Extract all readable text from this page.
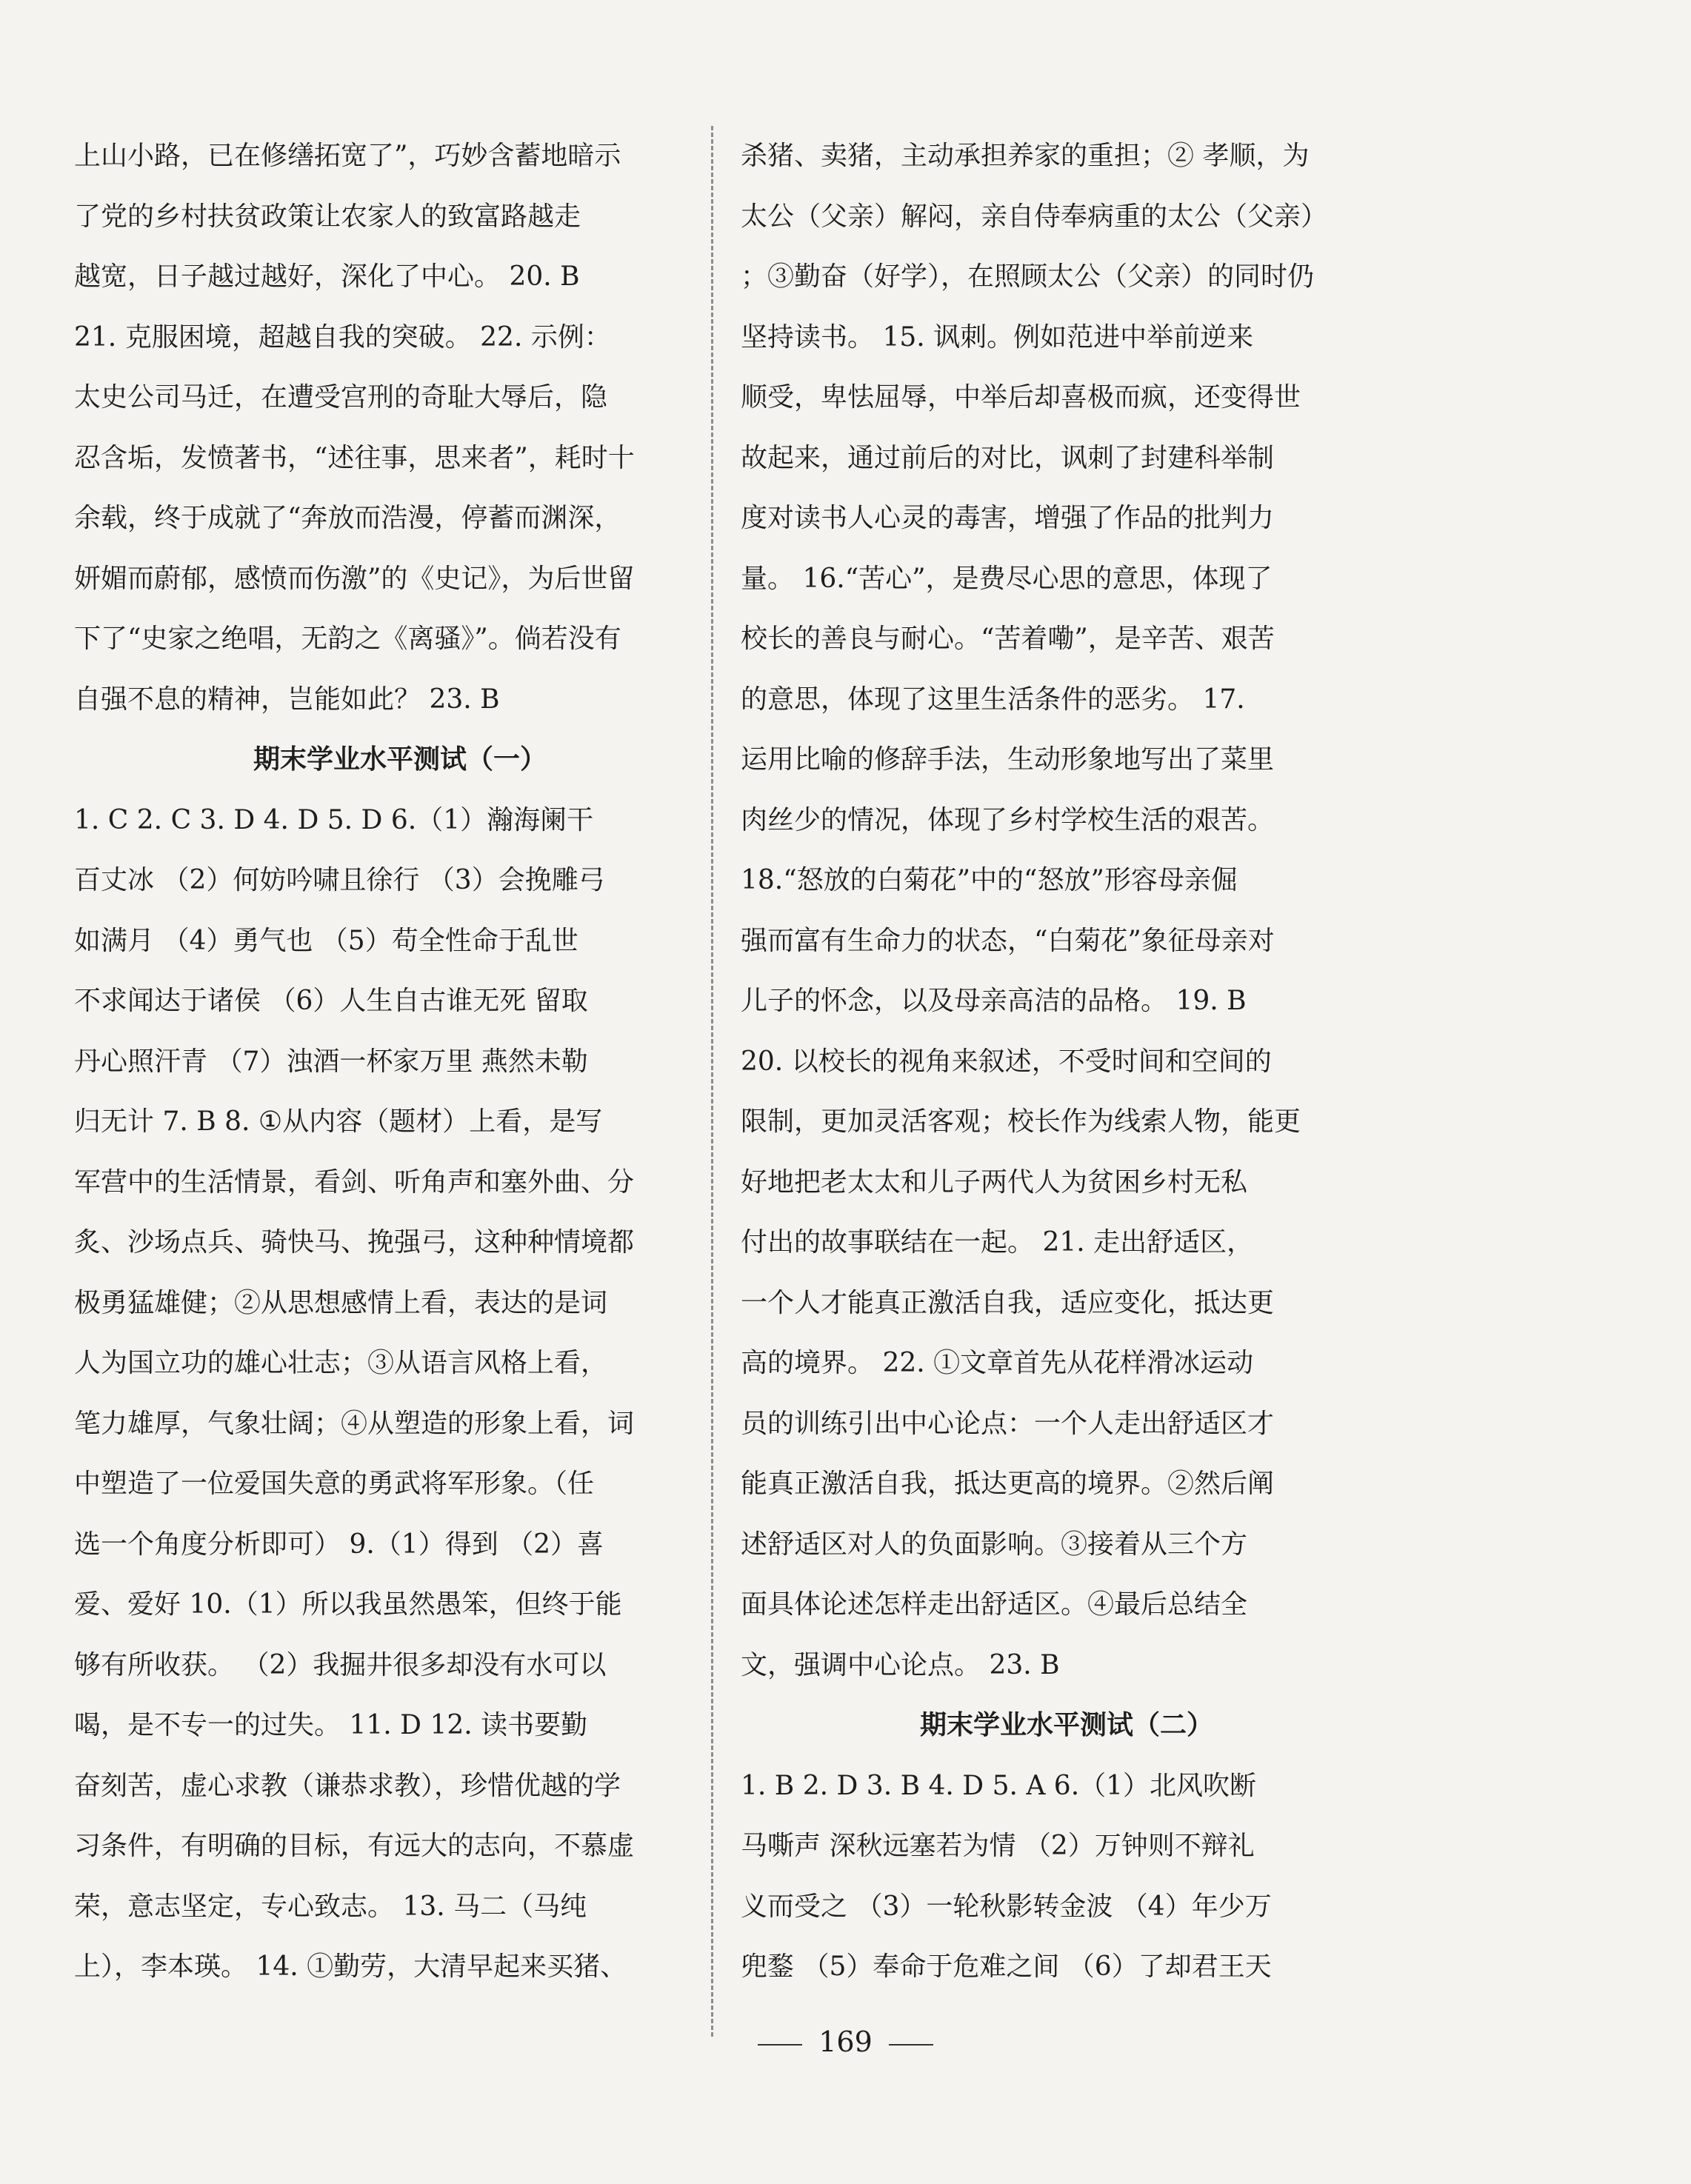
上山小路，已在修缮拓宽了”，巧妙含蓄地暗示
了党的乡村扶贫政策让农家人的致富路越走
越宽，日子越过越好，深化了中心。 20. B
21. 克服困境，超越自我的突破。 22. 示例：
太史公司马迁，在遭受宫刑的奇耻大辱后，隐
忍含垢，发愤著书，“述往事，思来者”，耗时十
余载，终于成就了“奔放而浩漫，停蓄而渊深，
妍媚而蔚郁，感愤而伤激”的《史记》，为后世留
下了“史家之绝唱，无韵之《离骚》”。倘若没有
自强不息的精神，岂能如此？ 23. B
期末学业水平测试（一）
1. C 2. C 3. D 4. D 5. D 6.（1）瀚海阑干
百丈冰 （2）何妨吟啸且徐行 （3）会挽雕弓
如满月 （4）勇气也 （5）苟全性命于乱世
不求闻达于诸侯 （6）人生自古谁无死 留取
丹心照汗青 （7）浊酒一杯家万里 燕然未勒
归无计 7. B 8. ①从内容（题材）上看，是写
军营中的生活情景，看剑、听角声和塞外曲、分
炙、沙场点兵、骑快马、挽强弓，这种种情境都
极勇猛雄健；②从思想感情上看，表达的是词
人为国立功的雄心壮志；③从语言风格上看，
笔力雄厚，气象壮阔；④从塑造的形象上看，词
中塑造了一位爱国失意的勇武将军形象。（任
选一个角度分析即可） 9.（1）得到 （2）喜
爱、爱好 10.（1）所以我虽然愚笨，但终于能
够有所收获。 （2）我掘井很多却没有水可以
喝，是不专一的过失。 11. D 12. 读书要勤
奋刻苦，虚心求教（谦恭求教），珍惜优越的学
习条件，有明确的目标，有远大的志向，不慕虚
荣，意志坚定，专心致志。 13. 马二（马纯
上），李本瑛。 14. ①勤劳，大清早起来买猪、
杀猪、卖猪，主动承担养家的重担；② 孝顺，为
太公（父亲）解闷，亲自侍奉病重的太公（父亲）
；③勤奋（好学），在照顾太公（父亲）的同时仍
坚持读书。 15. 讽刺。例如范进中举前逆来
顺受，卑怯屈辱，中举后却喜极而疯，还变得世
故起来，通过前后的对比，讽刺了封建科举制
度对读书人心灵的毒害，增强了作品的批判力
量。 16.“苦心”，是费尽心思的意思，体现了
校长的善良与耐心。“苦着嘞”，是辛苦、艰苦
的意思，体现了这里生活条件的恶劣。 17.
运用比喻的修辞手法，生动形象地写出了菜里
肉丝少的情况，体现了乡村学校生活的艰苦。
18.“怒放的白菊花”中的“怒放”形容母亲倔
强而富有生命力的状态，“白菊花”象征母亲对
儿子的怀念，以及母亲高洁的品格。 19. B
20. 以校长的视角来叙述，不受时间和空间的
限制，更加灵活客观；校长作为线索人物，能更
好地把老太太和儿子两代人为贫困乡村无私
付出的故事联结在一起。 21. 走出舒适区，
一个人才能真正激活自我，适应变化，抵达更
高的境界。 22. ①文章首先从花样滑冰运动
员的训练引出中心论点：一个人走出舒适区才
能真正激活自我，抵达更高的境界。②然后阐
述舒适区对人的负面影响。③接着从三个方
面具体论述怎样走出舒适区。④最后总结全
文，强调中心论点。 23. B
期末学业水平测试（二）
1. B 2. D 3. B 4. D 5. A 6.（1）北风吹断
马嘶声 深秋远塞若为情 （2）万钟则不辩礼
义而受之 （3）一轮秋影转金波 （4）年少万
兜鍪 （5）奉命于危难之间 （6）了却君王天
169
